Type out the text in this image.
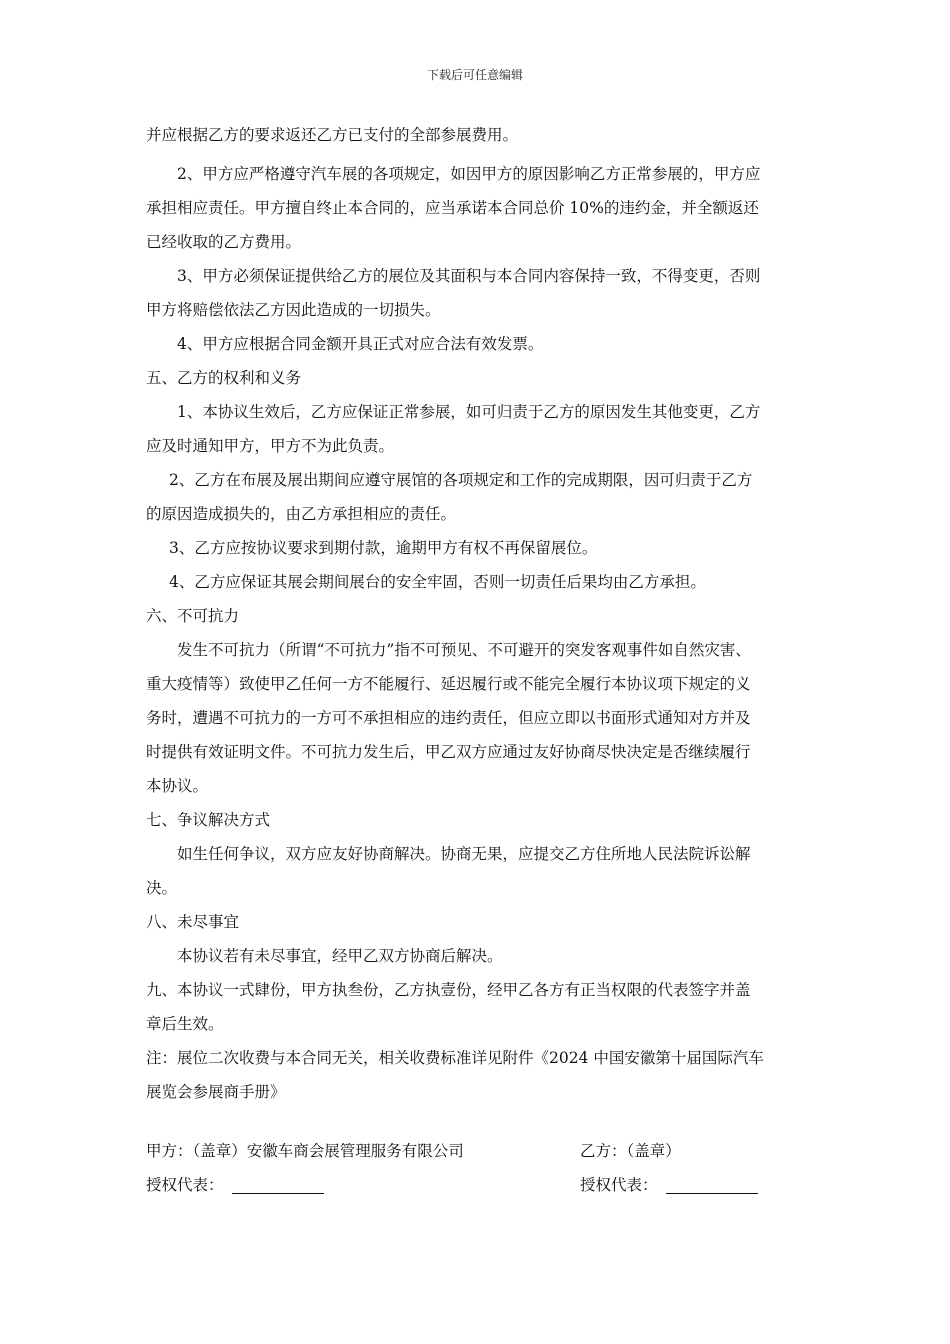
下载后可任意编辑
并应根据乙方的要求返还乙方已支付的全部参展费用。
2、甲方应严格遵守汽车展的各项规定，如因甲方的原因影响乙方正常参展的，甲方应
承担相应责任。甲方擅自终止本合同的，应当承诺本合同总价 10%的违约金，并全额返还
已经收取的乙方费用。
3、甲方必须保证提供给乙方的展位及其面积与本合同内容保持一致，不得变更，否则
甲方将赔偿依法乙方因此造成的一切损失。
4、甲方应根据合同金额开具正式对应合法有效发票。
五、乙方的权利和义务
1、本协议生效后，乙方应保证正常参展，如可归责于乙方的原因发生其他变更，乙方
应及时通知甲方，甲方不为此负责。
2、乙方在布展及展出期间应遵守展馆的各项规定和工作的完成期限，因可归责于乙方
的原因造成损失的，由乙方承担相应的责任。
3、乙方应按协议要求到期付款，逾期甲方有权不再保留展位。
4、乙方应保证其展会期间展台的安全牢固，否则一切责任后果均由乙方承担。
六、不可抗力
发生不可抗力（所谓“不可抗力”指不可预见、不可避开的突发客观事件如自然灾害、
重大疫情等）致使甲乙任何一方不能履行、延迟履行或不能完全履行本协议项下规定的义
务时，遭遇不可抗力的一方可不承担相应的违约责任，但应立即以书面形式通知对方并及
时提供有效证明文件。不可抗力发生后，甲乙双方应通过友好协商尽快决定是否继续履行
本协议。
七、争议解决方式
如生任何争议，双方应友好协商解决。协商无果，应提交乙方住所地人民法院诉讼解
决。
八、未尽事宜
本协议若有未尽事宜，经甲乙双方协商后解决。
九、本协议一式肆份，甲方执叁份，乙方执壹份，经甲乙各方有正当权限的代表签字并盖
章后生效。
注：展位二次收费与本合同无关，相关收费标准详见附件《2024 中国安徽第十届国际汽车
展览会参展商手册》
甲方：（盖章）安徽车商会展管理服务有限公司	乙方：（盖章）
授权代表：	授权代表：
